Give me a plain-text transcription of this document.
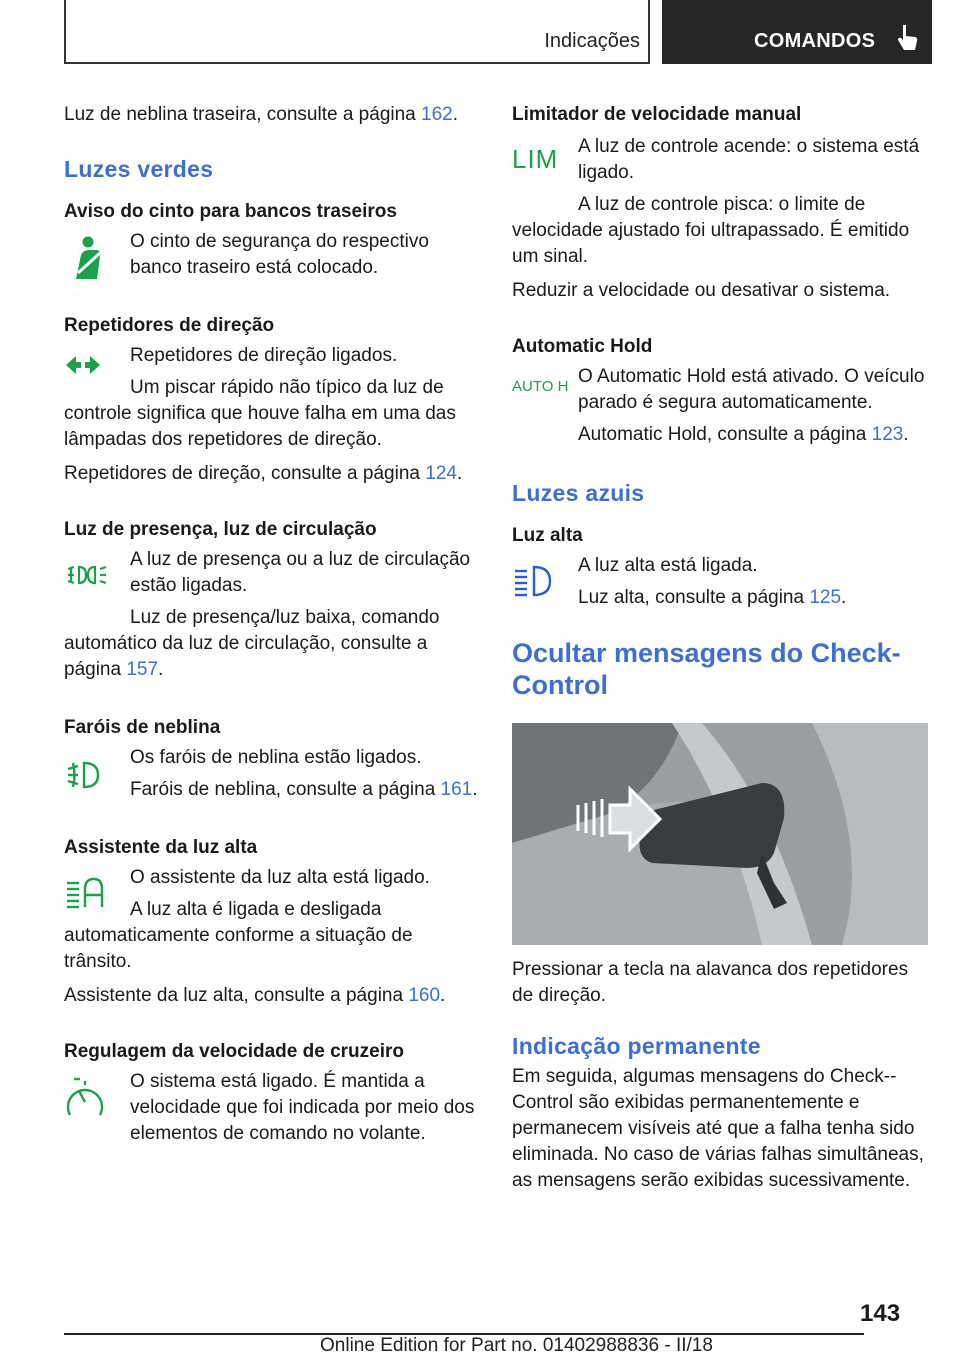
Indicações	COMANDOS

Luz de neblina traseira, consulte a página 162.

Luzes verdes
Aviso do cinto para bancos traseiros

O cinto de segurança do respectivo banco traseiro está colocado.

Repetidores de direção

Repetidores de direção ligados.

Um piscar rápido não típico da luz de controle significa que houve falha em uma das lâmpadas dos repetidores de direção.

Repetidores de direção, consulte a página 124.

Luz de presença, luz de circulação

A luz de presença ou a luz de circulação estão ligadas.

Luz de presença/luz baixa, comando automático da luz de circulação, consulte a página 157.

Faróis de neblina

Os faróis de neblina estão ligados.

Faróis de neblina, consulte a página 161.

Assistente da luz alta

O assistente da luz alta está ligado.

A luz alta é ligada e desligada automaticamente conforme a situação de trânsito.

Assistente da luz alta, consulte a página 160.

Regulagem da velocidade de cruzeiro

O sistema está ligado. É mantida a velocidade que foi indicada por meio dos elementos de comando no volante.

Limitador de velocidade manual
LIM	A luz de controle acende: o sistema está ligado.

A luz de controle pisca: o limite de velocidade ajustado foi ultrapassado. É emitido um sinal.

Reduzir a velocidade ou desativar o sistema.

Automatic Hold
AUTO H O Automatic Hold está ativado. O veículo parado é segura automaticamente.

Automatic Hold, consulte a página 123.

Luzes azuis
Luz alta

A luz alta está ligada.

Luz alta, consulte a página 125.

Ocultar mensagens do Check-Control

Pressionar a tecla na alavanca dos repetidores de direção.

Indicação permanente

Em seguida, algumas mensagens do Check--Control são exibidas permanentemente e permanecem visíveis até que a falha tenha sido eliminada. No caso de várias falhas simultâneas, as mensagens serão exibidas sucessivamente.

143
Online Edition for Part no. 01402988836 - II/18
